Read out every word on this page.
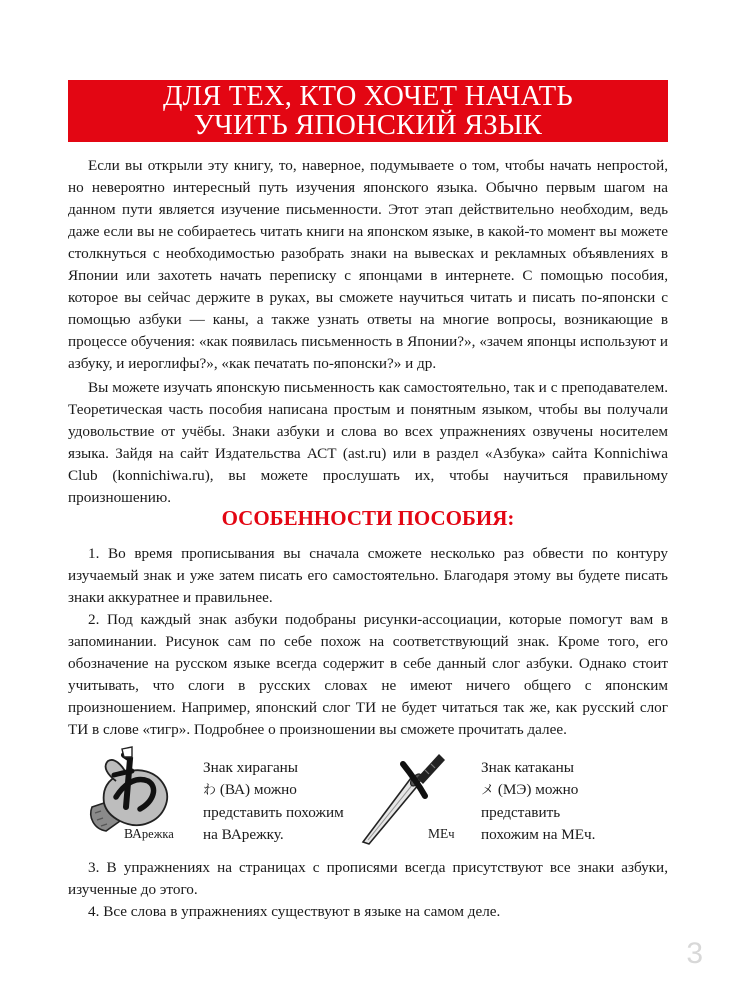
ДЛЯ ТЕХ, КТО ХОЧЕТ НАЧАТЬ
УЧИТЬ ЯПОНСКИЙ ЯЗЫК

Если вы открыли эту книгу, то, наверное, подумываете о том, чтобы начать непростой, но невероятно интересный путь изучения японского языка. Обычно первым шагом на данном пути является изучение письменности. Этот этап действительно необходим, ведь даже если вы не собираетесь читать книги на японском языке, в какой-то момент вы можете столкнуться с необходимостью разобрать знаки на вывесках и рекламных объявлениях в Японии или захотеть начать переписку с японцами в интернете. С помощью пособия, которое вы сейчас держите в руках, вы сможете научиться читать и писать по-японски с помощью азбуки — каны, а также узнать ответы на многие вопросы, возникающие в процессе обучения: «как появилась письменность в Японии?», «зачем японцы используют и азбуку, и иероглифы?», «как печатать по-японски?» и др.

Вы можете изучать японскую письменность как самостоятельно, так и с преподавателем. Теоретическая часть пособия написана простым и понятным языком, чтобы вы получали удовольствие от учёбы. Знаки азбуки и слова во всех упражнениях озвучены носителем языка. Зайдя на сайт Издательства АСТ (ast.ru) или в раздел «Азбука» сайта Konnichiwa Club (konnichiwa.ru), вы можете прослушать их, чтобы научиться правильному произношению.

ОСОБЕННОСТИ ПОСОБИЯ:

1. Во время прописывания вы сначала сможете несколько раз обвести по контуру изучаемый знак и уже затем писать его самостоятельно. Благодаря этому вы будете писать знаки аккуратнее и правильнее.

2. Под каждый знак азбуки подобраны рисунки-ассоциации, которые помогут вам в запоминании. Рисунок сам по себе похож на соответствующий знак. Кроме того, его обозначение на русском языке всегда содержит в себе данный слог азбуки. Однако стоит учитывать, что слоги в русских словах не имеют ничего общего с японским произношением. Например, японский слог ТИ не будет читаться так же, как русский слог ТИ в слове «тигр». Подробнее о произношении вы сможете прочитать далее.

ВАрежка
Знак хираганы
わ (ВА) можно
представить похожим
на ВАрежку.	МЕч
Знак катаканы
メ (МЭ) можно
представить
похожим на МЕч.

3. В упражнениях на страницах с прописями всегда присутствуют все знаки азбуки, изученные до этого.

4. Все слова в упражнениях существуют в языке на самом деле.

3
